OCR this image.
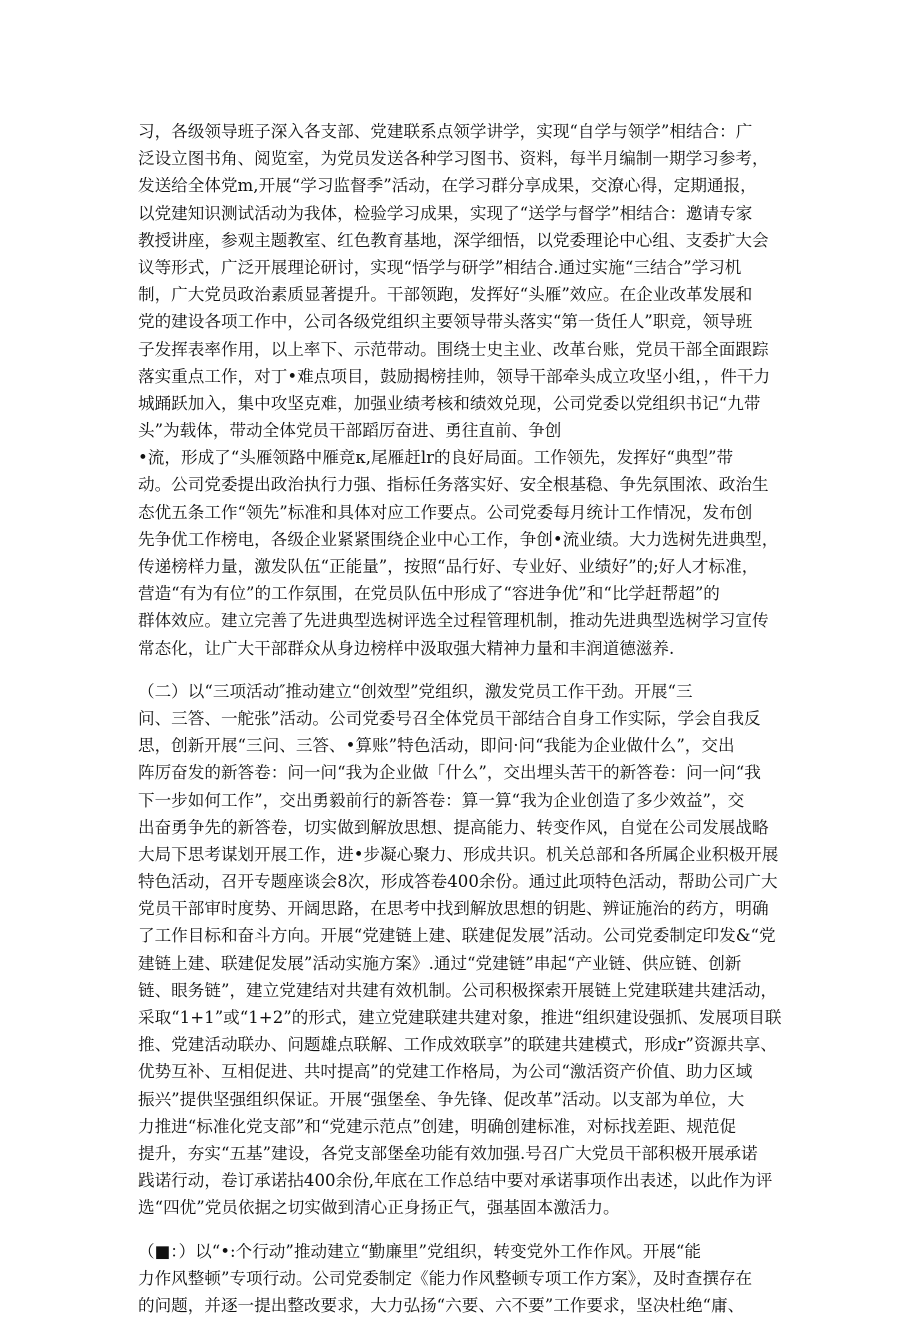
习，各级领导班子深入各支部、党建联系点领学讲学，实现“自学与领学”相结合：广
泛设立图书角、阅览室，为党员发送各种学习图书、资料，每半月编制一期学习参考，
发送给全体党m,开展“学习监督季”活动，在学习群分享成果，交潦心得，定期通报，
以党建知识测试活动为我体，检验学习成果，实现了“送学与督学”相结合：邀请专家
教授讲座，参观主题教室、红色教育基地，深学细悟，以党委理论中心组、支委扩大会
议等形式，广泛开展理论研讨，实现“悟学与研学”相结合.通过实施“三结合”学习机
制，广大党员政治素质显著提升。干部领跑，发挥好“头雁”效应。在企业改革发展和
党的建设各项工作中，公司各级党组织主要领导带头落实“第一货任人”职竞，领导班
子发挥表率作用，以上率下、示范带动。围绕士史主业、改革台账，党员干部全面跟踪
落实重点工作，对丁•难点项目，鼓励揭榜挂帅，领导干部牵头成立攻坚小组，，件干力
城踊跃加入，集中攻坚克难，加强业绩考核和绩效兑现，公司党委以党组织书记“九带
头”为载体，带动全体党员干部蹈厉奋进、勇往直前、争创
•流，形成了“头雁领路中雁竞κ,尾雁赶lr的良好局面。工作领先，发挥好“典型”带
动。公司党委提出政治执行力强、指标任务落实好、安全根基稳、争先氛围浓、政治生
态优五条工作“领先”标准和具体对应工作要点。公司党委每月统计工作情况，发布创
先争优工作榜电，各级企业紧紧围绕企业中心工作，争创•流业绩。大力选树先进典型，
传递榜样力量，激发队伍“正能量”，按照“品行好、专业好、业绩好”的;好人才标准，
营造“有为有位”的工作氛围，在党员队伍中形成了“容进争优”和“比学赶帮超”的
群体效应。建立完善了先进典型选树评选全过程管理机制，推动先进典型选树学习宣传
常态化，让广大干部群众从身边榜样中汲取强大精神力量和丰润道德滋养.
（二）以“三项活动″推动建立“创效型”党组织，激发党员工作干劲。开展“三
问、三答、一舵张”活动。公司党委号召全体党员干部结合自身工作实际，学会自我反
思，创新开展“三问、三答、•算账”特色活动，即问·问“我能为企业做什么”，交出
阵厉奋发的新答卷：问一问“我为企业做「什么”，交出埋头苦干的新答卷：问一问“我
下一步如何工作”，交出勇毅前行的新答卷：算一算“我为企业创造了多少效益”，交
出奋勇争先的新答卷，切实做到解放思想、提高能力、转变作风，自觉在公司发展战略
大局下思考谋划开展工作，进•步凝心聚力、形成共识。机关总部和各所属企业积极开展
特色活动，召开专题座谈会8次，形成答卷400余份。通过此项特色活动，帮助公司广大
党员干部审时度势、开阔思路，在思考中找到解放思想的钥匙、辨证施治的药方，明确
了工作目标和奋斗方向。开展“党建链上建、联建促发展”活动。公司党委制定印发&“党
建链上建、联建促发展”活动实施方案》.通过“党建链”串起“产业链、供应链、创新
链、眼务链”，建立党建结对共建有效机制。公司积极探索开展链上党建联建共建活动，
采取“1+1”或“1+2”的形式，建立党建联建共建对象，推进“组织建设强抓、发展项目联
推、党建活动联办、问题雄点联解、工作成效联享”的联建共建模式，形成r”资源共享、
优势互补、互相促进、共吋提高”的党建工作格局，为公司“激活资产价值、助力区域
振兴”提供坚强组织保证。开展“强堡垒、争先锋、促改革”活动。以支部为单位，大
力推进“标准化党支部”和“党建示范点”创建，明确创建标准，对标找差距、规范促
提升，夯实“五基”建设，各党支部堡垒功能有效加强.号召广大党员干部积极开展承诺
践诺行动，卷订承诺拈400余份,年底在工作总结中要对承诺事项作出表述，以此作为评
选“四优”党员依据之切实做到清心正身扬正气，强基固本激活力。
（■：）以“•:个行动”推动建立“勤廉里”党组织，转变党外工作作风。开展“能
力作风整顿”专项行动。公司党委制定《能力作风整顿专项工作方案》，及时查撰存在
的问题，并逐一提出整改要求，大力弘扬“六要、六不要”工作要求，坚决杜绝“庸、
